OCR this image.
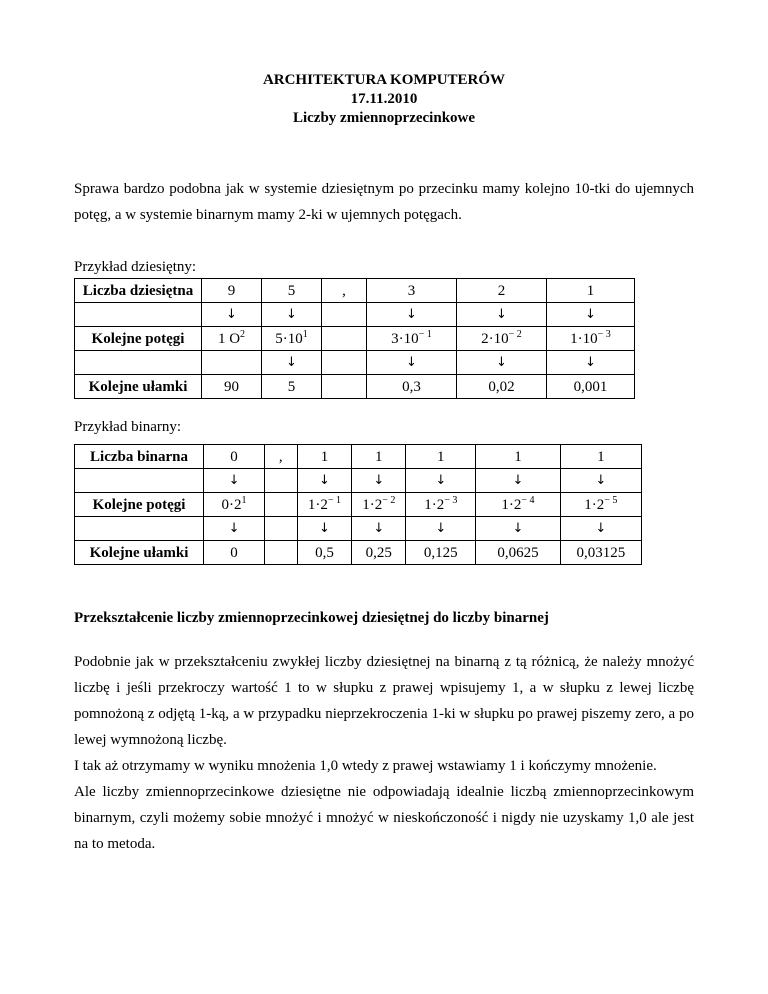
ARCHITEKTURA KOMPUTERÓW
17.11.2010
Liczby zmiennoprzecinkowe
Sprawa bardzo podobna jak w systemie dziesiętnym po przecinku mamy kolejno 10-tki do ujemnych potęg, a w systemie binarnym mamy 2-ki w ujemnych potęgach.
Przykład dziesiętny:
Liczba dziesiętna	9	5	,	3	2	1
	↓	↓		↓	↓	↓
Kolejne potęgi	1 $O^2$	$5\cdot 10^1$		$3\cdot 10^{- 1}$	$2\cdot 10^{- 2}$	$1\cdot 10^{- 3}$
		↓		↓	↓	↓
Kolejne ułamki	90	5		0,3	0,02	0,001
Przykład binarny:
Liczba binarna	0	,	1	1	1	1	1
	↓		↓	↓	↓	↓	↓
Kolejne potęgi	$0\cdot 2^1$		$1\cdot 2^{- 1}$	$1\cdot 2^{- 2}$	$1\cdot 2^{- 3}$	$1\cdot 2^{- 4}$	$1\cdot 2^{- 5}$
	↓		↓	↓	↓	↓	↓
Kolejne ułamki	0		0,5	0,25	0,125	0,0625	0,03125
Przekształcenie liczby zmiennoprzecinkowej dziesiętnej do liczby binarnej
Podobnie jak w przekształceniu zwykłej liczby dziesiętnej na binarną z tą różnicą, że należy mnożyć liczbę i jeśli przekroczy wartość 1 to w słupku z prawej wpisujemy 1, a w słupku z lewej liczbę pomnożoną z odjętą 1-ką, a w przypadku nieprzekroczenia 1-ki w słupku po prawej piszemy zero, a po lewej wymnożoną liczbę.
I tak aż otrzymamy w wyniku mnożenia 1,0 wtedy z prawej wstawiamy 1 i kończymy mnożenie.
Ale liczby zmiennoprzecinkowe dziesiętne nie odpowiadają idealnie liczbą zmiennoprzecinkowym binarnym, czyli możemy sobie mnożyć i mnożyć w nieskończoność i nigdy nie uzyskamy 1,0 ale jest na to metoda.
